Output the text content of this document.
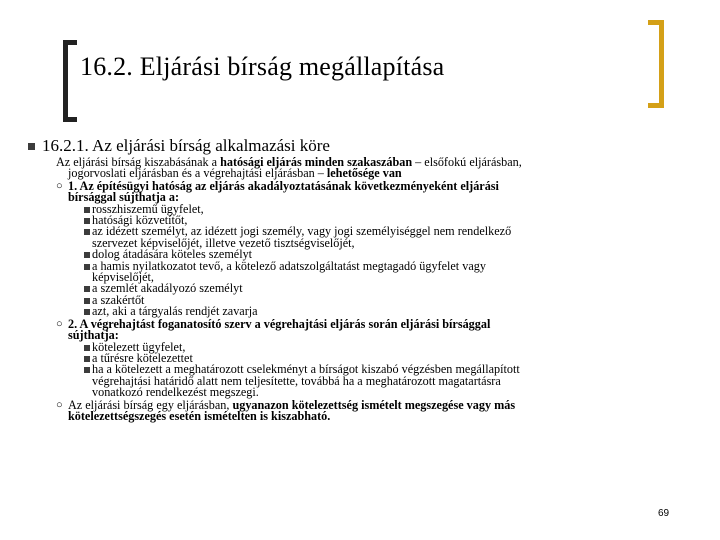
16.2. Eljárási bírság megállapítása
16.2.1. Az eljárási bírság alkalmazási köre
Az eljárási bírság kiszabásának a hatósági eljárás minden szakaszában – elsőfokú eljárásban,
jogorvoslati eljárásban és a végrehajtási eljárásban – lehetősége van
○ 1. Az építésügyi hatóság az eljárás akadályoztatásának következményeként eljárási
bírsággal sújthatja a:
rosszhiszemű ügyfelet,
hatósági közvetítőt,
az idézett személyt, az idézett jogi személy, vagy jogi személyiséggel nem rendelkező
szervezet képviselőjét, illetve vezető tisztségviselőjét,
dolog átadására köteles személyt
a hamis nyilatkozatot tevő, a kötelező adatszolgáltatást megtagadó ügyfelet vagy
képviselőjét,
a szemlét akadályozó személyt
a szakértőt
azt, aki a tárgyalás rendjét zavarja
○ 2. A végrehajtást foganatosító szerv a végrehajtási eljárás során eljárási bírsággal
sújthatja:
kötelezett ügyfelet,
a tűrésre kötelezettet
ha a kötelezett a meghatározott cselekményt a bírságot kiszabó végzésben megállapított
végrehajtási határidő alatt nem teljesítette, továbbá ha a meghatározott magatartásra
vonatkozó rendelkezést megszegi.
○ Az eljárási bírság egy eljárásban, ugyanazon kötelezettség ismételt megszegése vagy más
kötelezettségszegés esetén ismételten is kiszabható.
69
